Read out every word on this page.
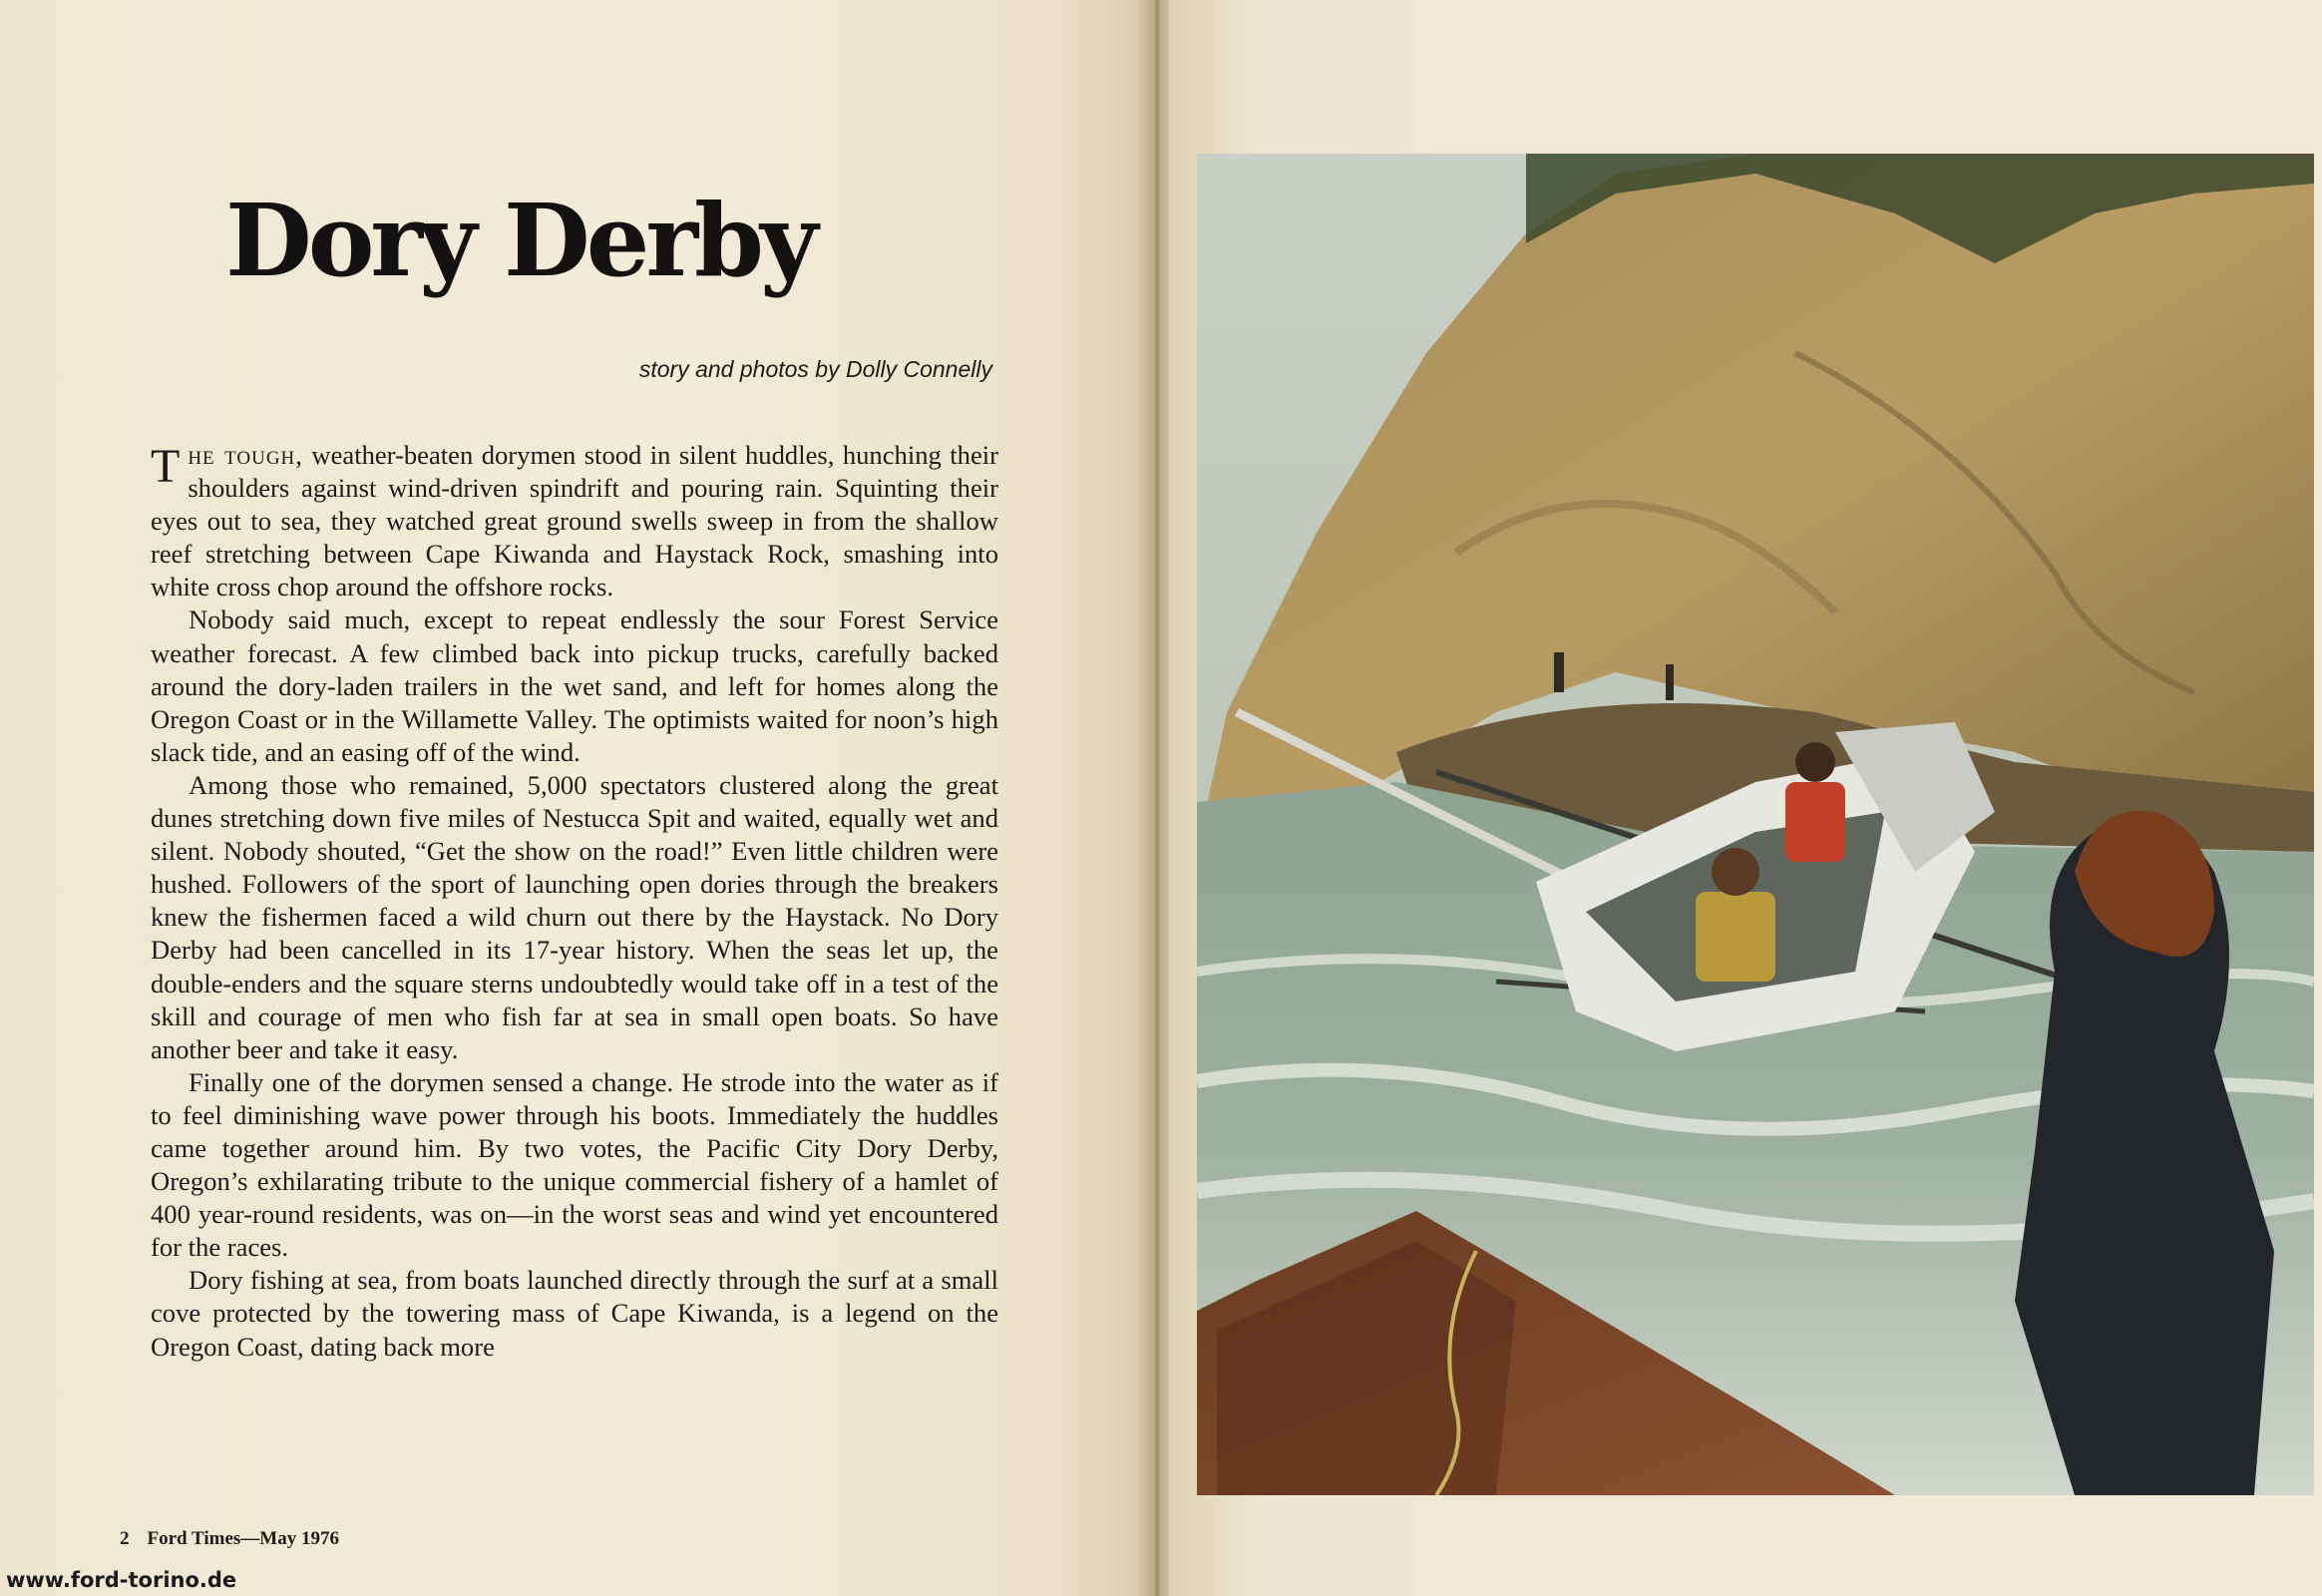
Dory Derby
story and photos by Dolly Connelly

The tough, weather-beaten dorymen stood in silent huddles, hunching their shoulders against wind-driven spindrift and pouring rain. Squinting their eyes out to sea, they watched great ground swells sweep in from the shallow reef stretching between Cape Kiwanda and Haystack Rock, smashing into white cross chop around the offshore rocks.

Nobody said much, except to repeat endlessly the sour Forest Service weather forecast. A few climbed back into pickup trucks, carefully backed around the dory-laden trailers in the wet sand, and left for homes along the Oregon Coast or in the Willamette Valley. The optimists waited for noon’s high slack tide, and an easing off of the wind.

Among those who remained, 5,000 spectators clustered along the great dunes stretching down five miles of Nestucca Spit and waited, equally wet and silent. Nobody shouted, “Get the show on the road!” Even little children were hushed. Followers of the sport of launching open dories through the breakers knew the fishermen faced a wild churn out there by the Haystack. No Dory Derby had been cancelled in its 17-year history. When the seas let up, the double-enders and the square sterns undoubtedly would take off in a test of the skill and courage of men who fish far at sea in small open boats. So have another beer and take it easy.

Finally one of the dorymen sensed a change. He strode into the water as if to feel diminishing wave power through his boots. Immediately the huddles came together around him. By two votes, the Pacific City Dory Derby, Oregon’s exhilarating tribute to the unique commercial fishery of a hamlet of 400 year-round residents, was on—in the worst seas and wind yet encountered for the races.

Dory fishing at sea, from boats launched directly through the surf at a small cove protected by the towering mass of Cape Kiwanda, is a legend on the Oregon Coast, dating back more

2 Ford Times—May 1976
www.ford-torino.de
